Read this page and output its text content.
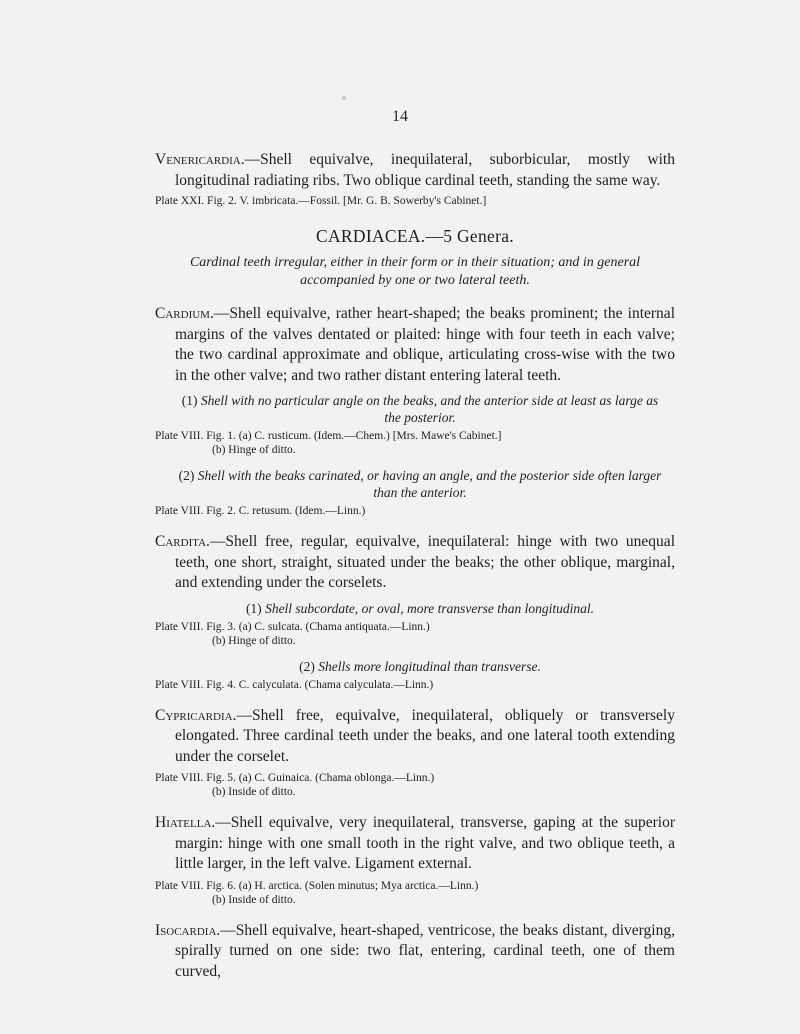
14

Venericardia.—Shell equivalve, inequilateral, suborbicular, mostly with longitudinal radiating ribs. Two oblique cardinal teeth, standing the same way.

Plate XXI. Fig. 2. V. imbricata.—Fossil. [Mr. G. B. Sowerby's Cabinet.]

CARDIACEA.—5 Genera.

Cardinal teeth irregular, either in their form or in their situation; and in general accompanied by one or two lateral teeth.

Cardium.—Shell equivalve, rather heart-shaped; the beaks prominent; the internal margins of the valves dentated or plaited: hinge with four teeth in each valve; the two cardinal approximate and oblique, articulating cross-wise with the two in the other valve; and two rather distant entering lateral teeth.

(1) Shell with no particular angle on the beaks, and the anterior side at least as large as the posterior.

Plate VIII. Fig. 1. (a) C. rusticum. (Idem.—Chem.) [Mrs. Mawe's Cabinet.]

(b) Hinge of ditto.

(2) Shell with the beaks carinated, or having an angle, and the posterior side often larger than the anterior.

Plate VIII. Fig. 2. C. retusum. (Idem.—Linn.)

Cardita.—Shell free, regular, equivalve, inequilateral: hinge with two unequal teeth, one short, straight, situated under the beaks; the other oblique, marginal, and extending under the corselets.

(1) Shell subcordate, or oval, more transverse than longitudinal.

Plate VIII. Fig. 3. (a) C. sulcata. (Chama antiquata.—Linn.)

(b) Hinge of ditto.

(2) Shells more longitudinal than transverse.

Plate VIII. Fig. 4. C. calyculata. (Chama calyculata.—Linn.)

Cypricardia.—Shell free, equivalve, inequilateral, obliquely or transversely elongated. Three cardinal teeth under the beaks, and one lateral tooth extending under the corselet.

Plate VIII. Fig. 5. (a) C. Guinaica. (Chama oblonga.—Linn.)

(b) Inside of ditto.

Hiatella.—Shell equivalve, very inequilateral, transverse, gaping at the superior margin: hinge with one small tooth in the right valve, and two oblique teeth, a little larger, in the left valve. Ligament external.

Plate VIII. Fig. 6. (a) H. arctica. (Solen minutus; Mya arctica.—Linn.)

(b) Inside of ditto.

Isocardia.—Shell equivalve, heart-shaped, ventricose, the beaks distant, diverging, spirally turned on one side: two flat, entering, cardinal teeth, one of them curved,
